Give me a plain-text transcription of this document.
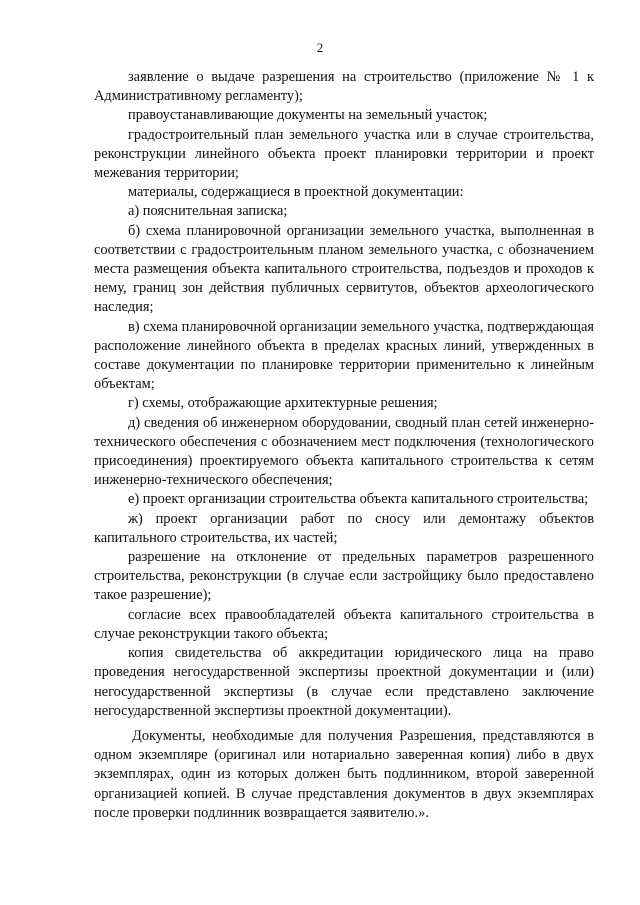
2

заявление о выдаче разрешения на строительство (приложение № 1 к Административному регламенту);

правоустанавливающие документы на земельный участок;

градостроительный план земельного участка или в случае строительства, реконструкции линейного объекта проект планировки территории и проект межевания территории;

материалы, содержащиеся в проектной документации:

а) пояснительная записка;

б) схема планировочной организации земельного участка, выполненная в соответствии с градостроительным планом земельного участка, с обозначением места размещения объекта капитального строительства, подъездов и проходов к нему, границ зон действия публичных сервитутов, объектов археологического наследия;

в) схема планировочной организации земельного участка, подтверждающая расположение линейного объекта в пределах красных линий, утвержденных в составе документации по планировке территории применительно к линейным объектам;

г) схемы, отображающие архитектурные решения;

д) сведения об инженерном оборудовании, сводный план сетей инженерно-технического обеспечения с обозначением мест подключения (технологического присоединения) проектируемого объекта капитального строительства к сетям инженерно-технического обеспечения;

е) проект организации строительства объекта капитального строительства;

ж) проект организации работ по сносу или демонтажу объектов капитального строительства, их частей;

разрешение на отклонение от предельных параметров разрешенного строительства, реконструкции (в случае если застройщику было предоставлено такое разрешение);

согласие всех правообладателей объекта капитального строительства в случае реконструкции такого объекта;

копия свидетельства об аккредитации юридического лица на право проведения негосударственной экспертизы проектной документации и (или) негосударственной экспертизы (в случае если представлено заключение негосударственной экспертизы проектной документации).

Документы, необходимые для получения Разрешения, представляются в одном экземпляре (оригинал или нотариально заверенная копия) либо в двух экземплярах, один из которых должен быть подлинником, второй заверенной организацией копией. В случае представления документов в двух экземплярах после проверки подлинник возвращается заявителю.».
